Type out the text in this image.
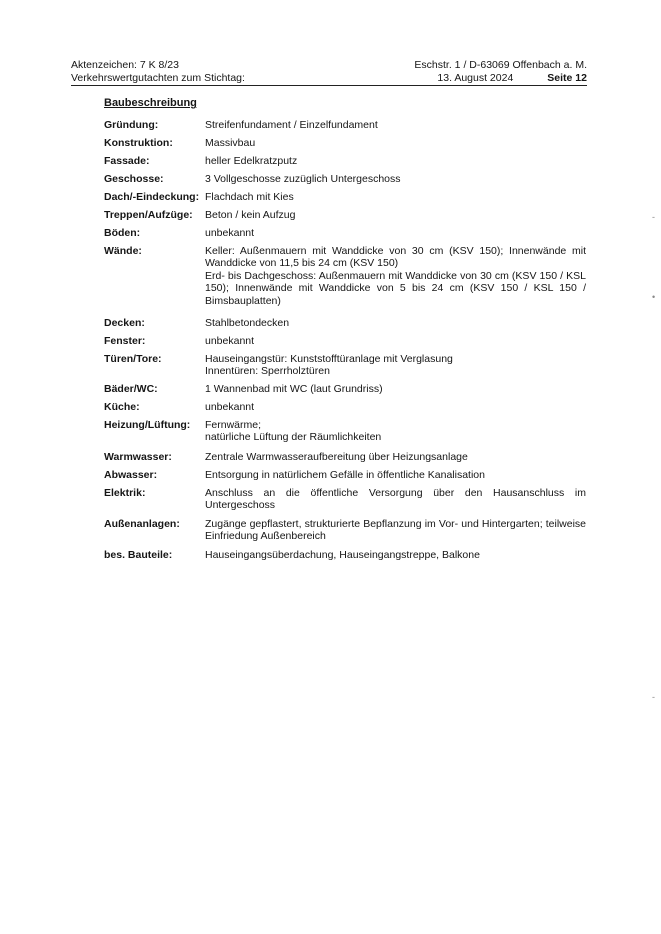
Aktenzeichen: 7 K 8/23	Eschstr. 1 / D-63069 Offenbach a. M.
Verkehrswertgutachten zum Stichtag:	13. August 2024	Seite 12
Baubeschreibung
Gründung:	Streifenfundament / Einzelfundament
Konstruktion:	Massivbau
Fassade:	heller Edelkratzputz
Geschosse:	3 Vollgeschosse zuzüglich Untergeschoss
Dach/-Eindeckung: Flachdach mit Kies
Treppen/Aufzüge:	Beton / kein Aufzug
Böden:	unbekannt
Wände:	Keller: Außenmauern mit Wanddicke von 30 cm (KSV 150); Innenwände mit Wanddicke von 11,5 bis 24 cm (KSV 150)
Erd- bis Dachgeschoss: Außenmauern mit Wanddicke von 30 cm (KSV 150 / KSL 150); Innenwände mit Wanddicke von 5 bis 24 cm (KSV 150 / KSL 150 / Bimsbauplatten)
Decken:	Stahlbetondecken
Fenster:	unbekannt
Türen/Tore:	Hauseingangstür: Kunststofftüranlage mit Verglasung
Innentüren: Sperrholztüren
Bäder/WC:	1 Wannenbad mit WC (laut Grundriss)
Küche:	unbekannt
Heizung/Lüftung:	Fernwärme;
natürliche Lüftung der Räumlichkeiten
Warmwasser:	Zentrale Warmwasseraufbereitung über Heizungsanlage
Abwasser:	Entsorgung in natürlichem Gefälle in öffentliche Kanalisation
Elektrik:	Anschluss an die öffentliche Versorgung über den Hausanschluss im Untergeschoss
Außenanlagen:	Zugänge gepflastert, strukturierte Bepflanzung im Vor- und Hintergarten; teilweise Einfriedung Außenbereich
bes. Bauteile:	Hauseingangsüberdachung, Hauseingangstreppe, Balkone
-
•
-
